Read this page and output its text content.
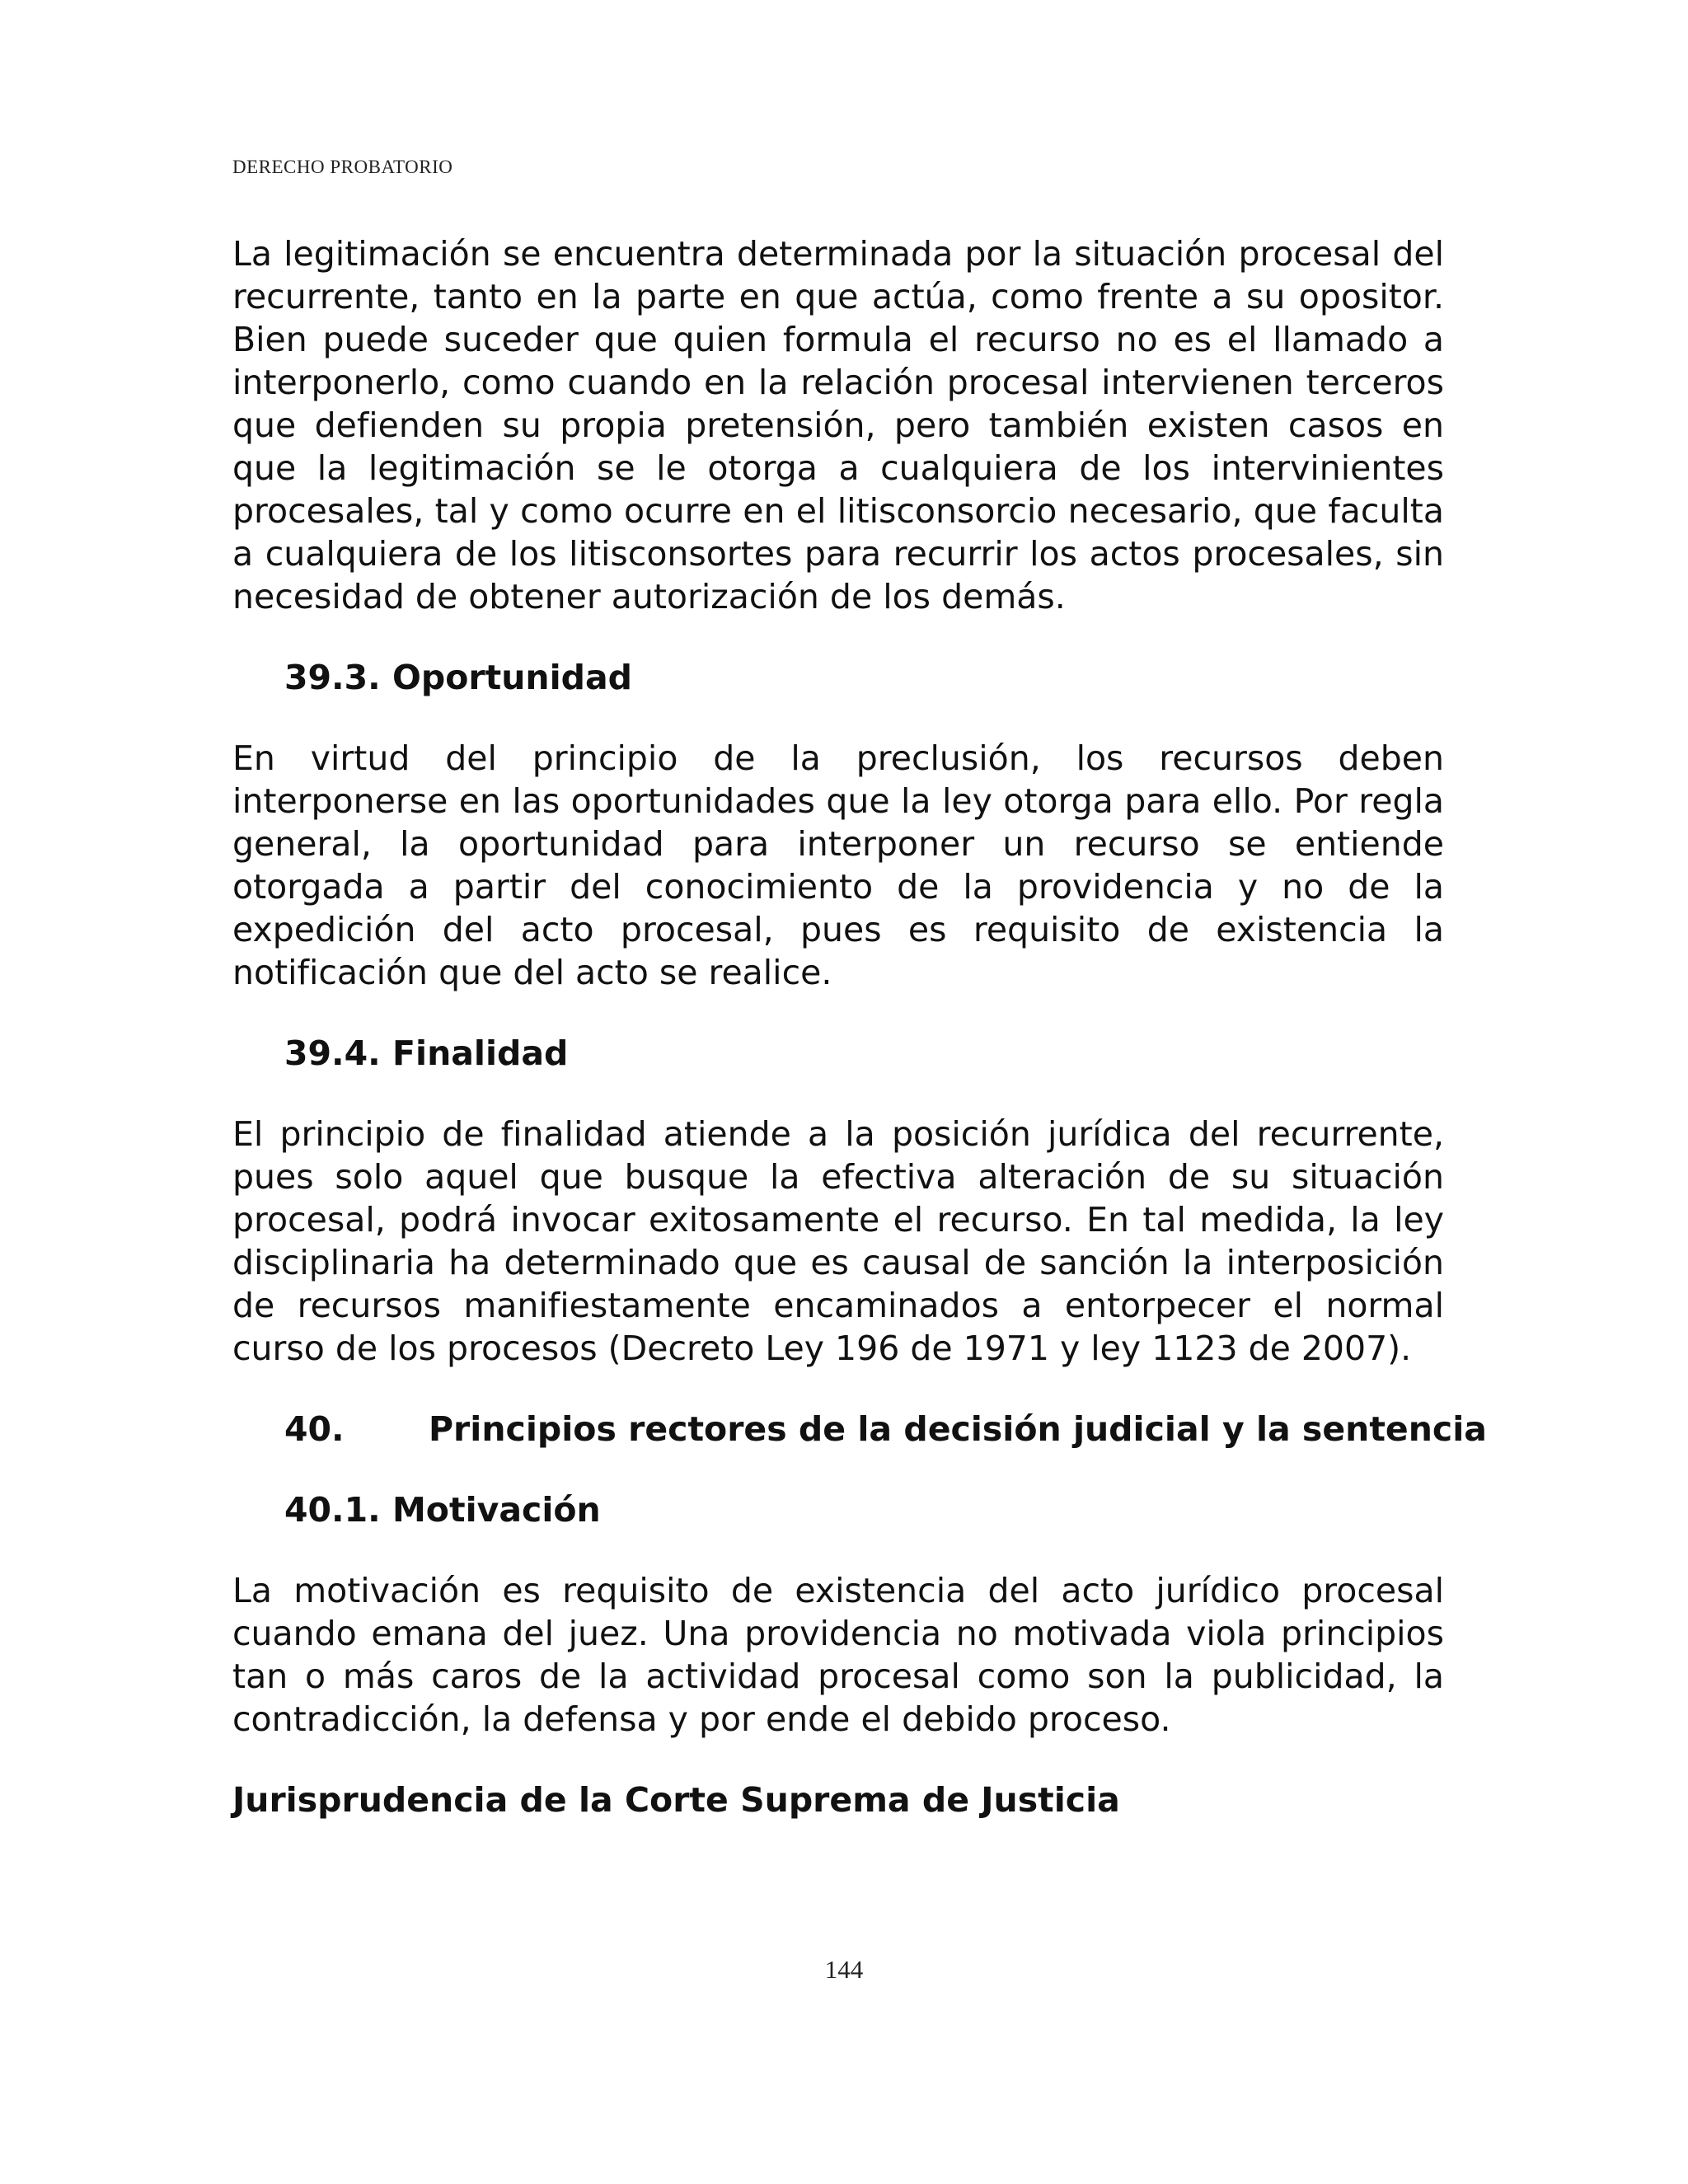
DERECHO PROBATORIO

La legitimación se encuentra determinada por la situación procesal del recurrente, tanto en la parte en que actúa, como frente a su opositor. Bien puede suceder que quien formula el recurso no es el llamado a interponerlo, como cuando en la relación procesal intervienen terceros que defienden su propia pretensión, pero también existen casos en que la legitimación se le otorga a cualquiera de los intervinientes procesales, tal y como ocurre en el litisconsorcio necesario, que faculta a cualquiera de los litisconsortes para recurrir los actos procesales, sin necesidad de obtener autorización de los demás.

39.3. Oportunidad

En virtud del principio de la preclusión, los recursos deben interponerse en las oportunidades que la ley otorga para ello. Por regla general, la oportunidad para interponer un recurso se entiende otorgada a partir del conocimiento de la providencia y no de la expedición del acto procesal, pues es requisito de existencia la notificación que del acto se realice.

39.4. Finalidad

El principio de finalidad atiende a la posición jurídica del recurrente, pues solo aquel que busque la efectiva alteración de su situación procesal, podrá invocar exitosamente el recurso. En tal medida, la ley disciplinaria ha determinado que es causal de sanción la interposición de recursos manifiestamente encaminados a entorpecer el normal curso de los procesos (Decreto Ley 196 de 1971 y ley 1123 de 2007).

40. Principios rectores de la decisión judicial y la sentencia
40.1. Motivación

La motivación es requisito de existencia del acto jurídico procesal cuando emana del juez. Una providencia no motivada viola principios tan o más caros de la actividad procesal como son la publicidad, la contradicción, la defensa y por ende el debido proceso.

Jurisprudencia de la Corte Suprema de Justicia
144
